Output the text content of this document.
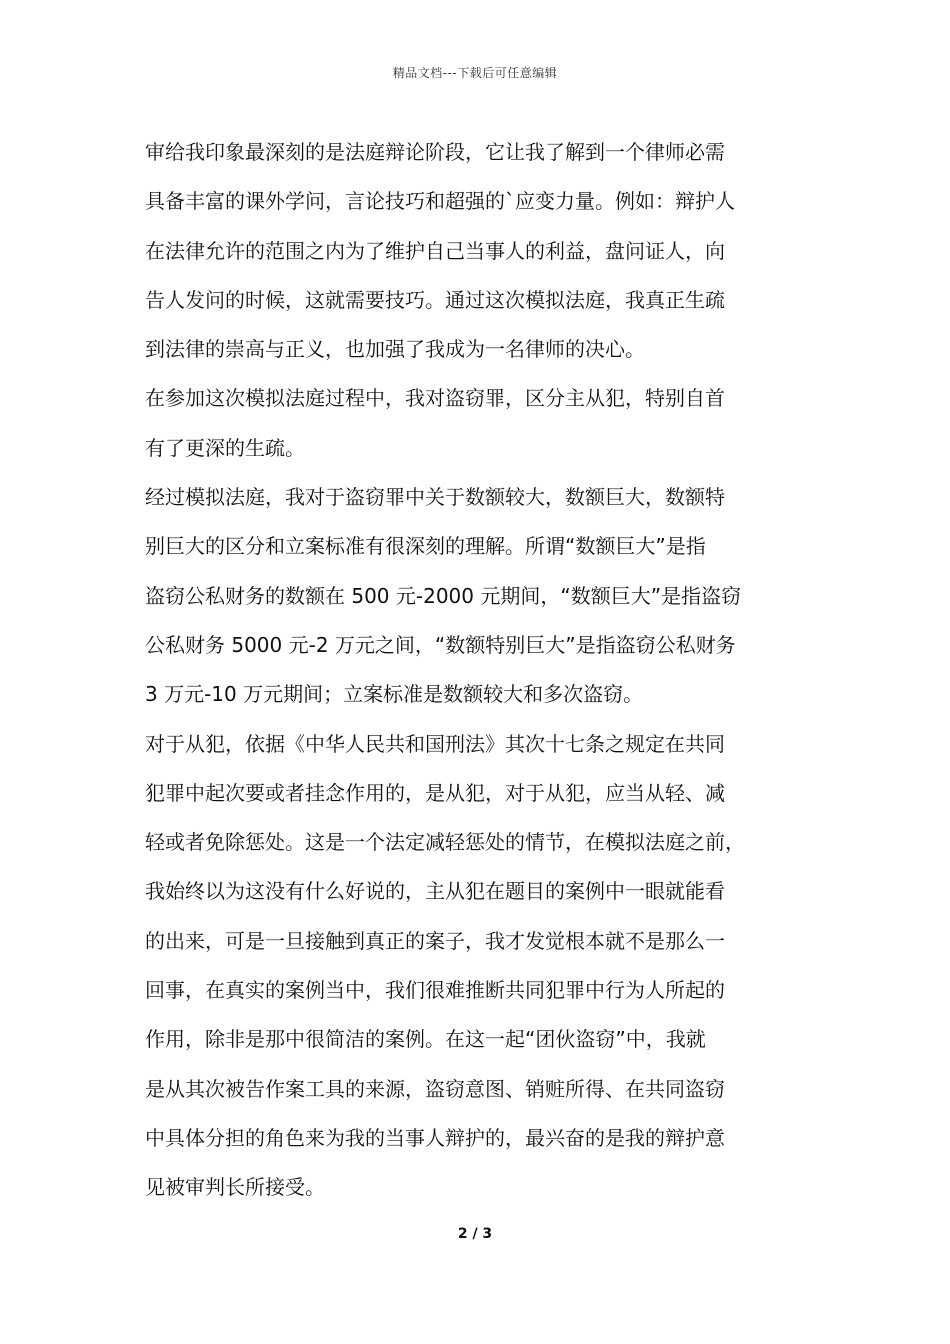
精品文档---下载后可任意编辑
审给我印象最深刻的是法庭辩论阶段，它让我了解到一个律师必需
具备丰富的课外学问，言论技巧和超强的`应变力量。例如：辩护人
在法律允许的范围之内为了维护自己当事人的利益，盘问证人，向
告人发问的时候，这就需要技巧。通过这次模拟法庭，我真正生疏
到法律的崇高与正义，也加强了我成为一名律师的决心。
在参加这次模拟法庭过程中，我对盗窃罪，区分主从犯，特别自首
有了更深的生疏。
经过模拟法庭，我对于盗窃罪中关于数额较大，数额巨大，数额特
别巨大的区分和立案标准有很深刻的理解。所谓“数额巨大”是指
盗窃公私财务的数额在 500 元-2000 元期间，“数额巨大”是指盗窃
公私财务 5000 元-2 万元之间，“数额特别巨大”是指盗窃公私财务
3 万元-10 万元期间；立案标准是数额较大和多次盗窃。
对于从犯，依据《中华人民共和国刑法》其次十七条之规定在共同
犯罪中起次要或者挂念作用的，是从犯，对于从犯，应当从轻、减
轻或者免除惩处。这是一个法定减轻惩处的情节，在模拟法庭之前，
我始终以为这没有什么好说的，主从犯在题目的案例中一眼就能看
的出来，可是一旦接触到真正的案子，我才发觉根本就不是那么一
回事，在真实的案例当中，我们很难推断共同犯罪中行为人所起的
作用，除非是那中很简洁的案例。在这一起“团伙盗窃”中，我就
是从其次被告作案工具的来源，盗窃意图、销赃所得、在共同盗窃
中具体分担的角色来为我的当事人辩护的，最兴奋的是我的辩护意
见被审判长所接受。
2 / 3
